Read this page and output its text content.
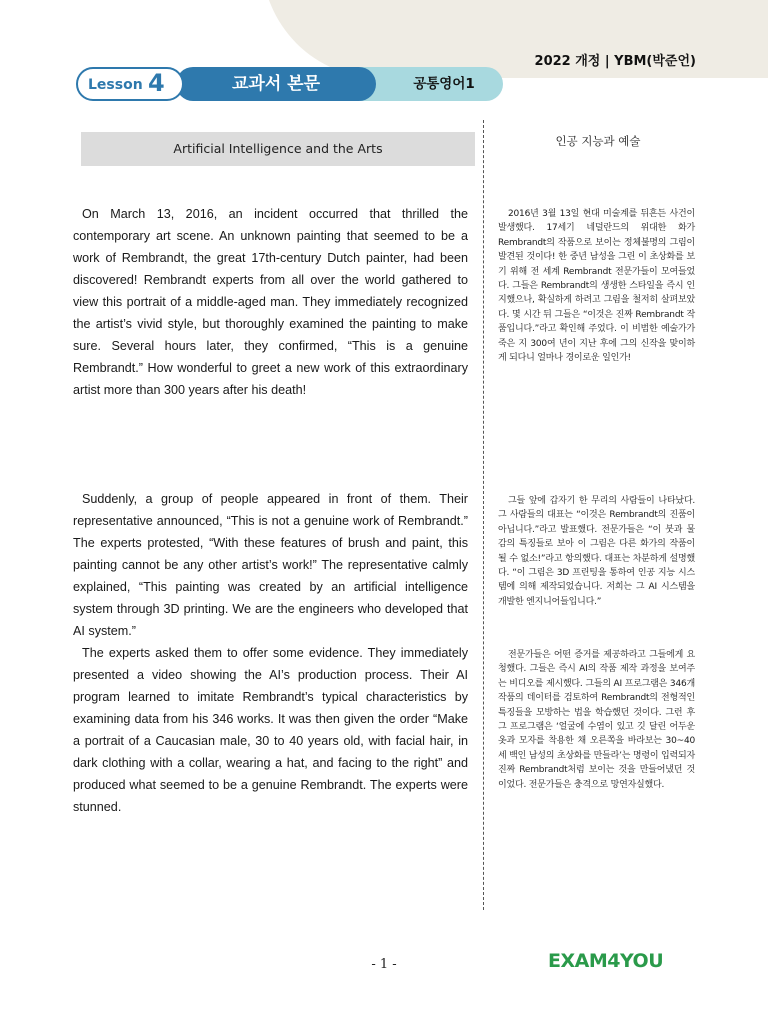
2022 개정 | YBM(박준언)
공통영어1
교과서 본문
Lesson 4
Artificial Intelligence and the Arts	인공 지능과 예술

On March 13, 2016, an incident occurred that thrilled the contemporary art scene. An unknown painting that seemed to be a work of Rembrandt, the great 17th-century Dutch painter, had been discovered! Rembrandt experts from all over the world gathered to view this portrait of a middle-aged man. They immediately recognized the artist’s vivid style, but thoroughly examined the painting to make sure. Several hours later, they confirmed, “This is a genuine Rembrandt.” How wonderful to greet a new work of this extraordinary artist more than 300 years after his death!

Suddenly, a group of people appeared in front of them. Their representative announced, “This is not a genuine work of Rembrandt.” The experts protested, “With these features of brush and paint, this painting cannot be any other artist’s work!” The representative calmly explained, “This painting was created by an artificial intelligence system through 3D printing. We are the engineers who developed that AI system.”

The experts asked them to offer some evidence. They immediately presented a video showing the AI’s production process. Their AI program learned to imitate Rembrandt’s typical characteristics by examining data from his 346 works. It was then given the order “Make a portrait of a Caucasian male, 30 to 40 years old, with facial hair, in dark clothing with a collar, wearing a hat, and facing to the right” and produced what seemed to be a genuine Rembrandt. The experts were stunned.

2016년 3월 13일 현대 미술계를 뒤흔든 사건이 발생했다. 17세기 네덜란드의 위대한 화가 Rembrandt의 작품으로 보이는 정체불명의 그림이 발견된 것이다! 한 중년 남성을 그린 이 초상화를 보기 위해 전 세계 Rembrandt 전문가들이 모여들었다. 그들은 Rembrandt의 생생한 스타일을 즉시 인지했으나, 확실하게 하려고 그림을 철저히 살펴보았다. 몇 시간 뒤 그들은 “이것은 진짜 Rembrandt 작품입니다.”라고 확인해 주었다. 이 비범한 예술가가 죽은 지 300여 년이 지난 후에 그의 신작을 맞이하게 되다니 얼마나 경이로운 일인가!

그들 앞에 갑자기 한 무리의 사람들이 나타났다. 그 사람들의 대표는 “이것은 Rembrandt의 진품이 아닙니다.”라고 발표했다. 전문가들은 “이 붓과 물감의 특징들로 보아 이 그림은 다른 화가의 작품이 될 수 없소!”라고 항의했다. 대표는 차분하게 설명했다. “이 그림은 3D 프린팅을 통하여 인공 지능 시스템에 의해 제작되었습니다. 저희는 그 AI 시스템을 개발한 엔지니어들입니다.”

전문가들은 어떤 증거를 제공하라고 그들에게 요청했다. 그들은 즉시 AI의 작품 제작 과정을 보여주는 비디오를 제시했다. 그들의 AI 프로그램은 346개 작품의 데이터를 검토하여 Rembrandt의 전형적인 특징들을 모방하는 법을 학습했던 것이다. 그런 후 그 프로그램은 ‘얼굴에 수염이 있고 깃 달린 어두운 옷과 모자를 착용한 채 오른쪽을 바라보는 30~40세 백인 남성의 초상화를 만들라’는 명령이 입력되자 진짜 Rembrandt처럼 보이는 것을 만들어냈던 것이었다. 전문가들은 충격으로 망연자실했다.

- 1 -	EXAM4YOU
